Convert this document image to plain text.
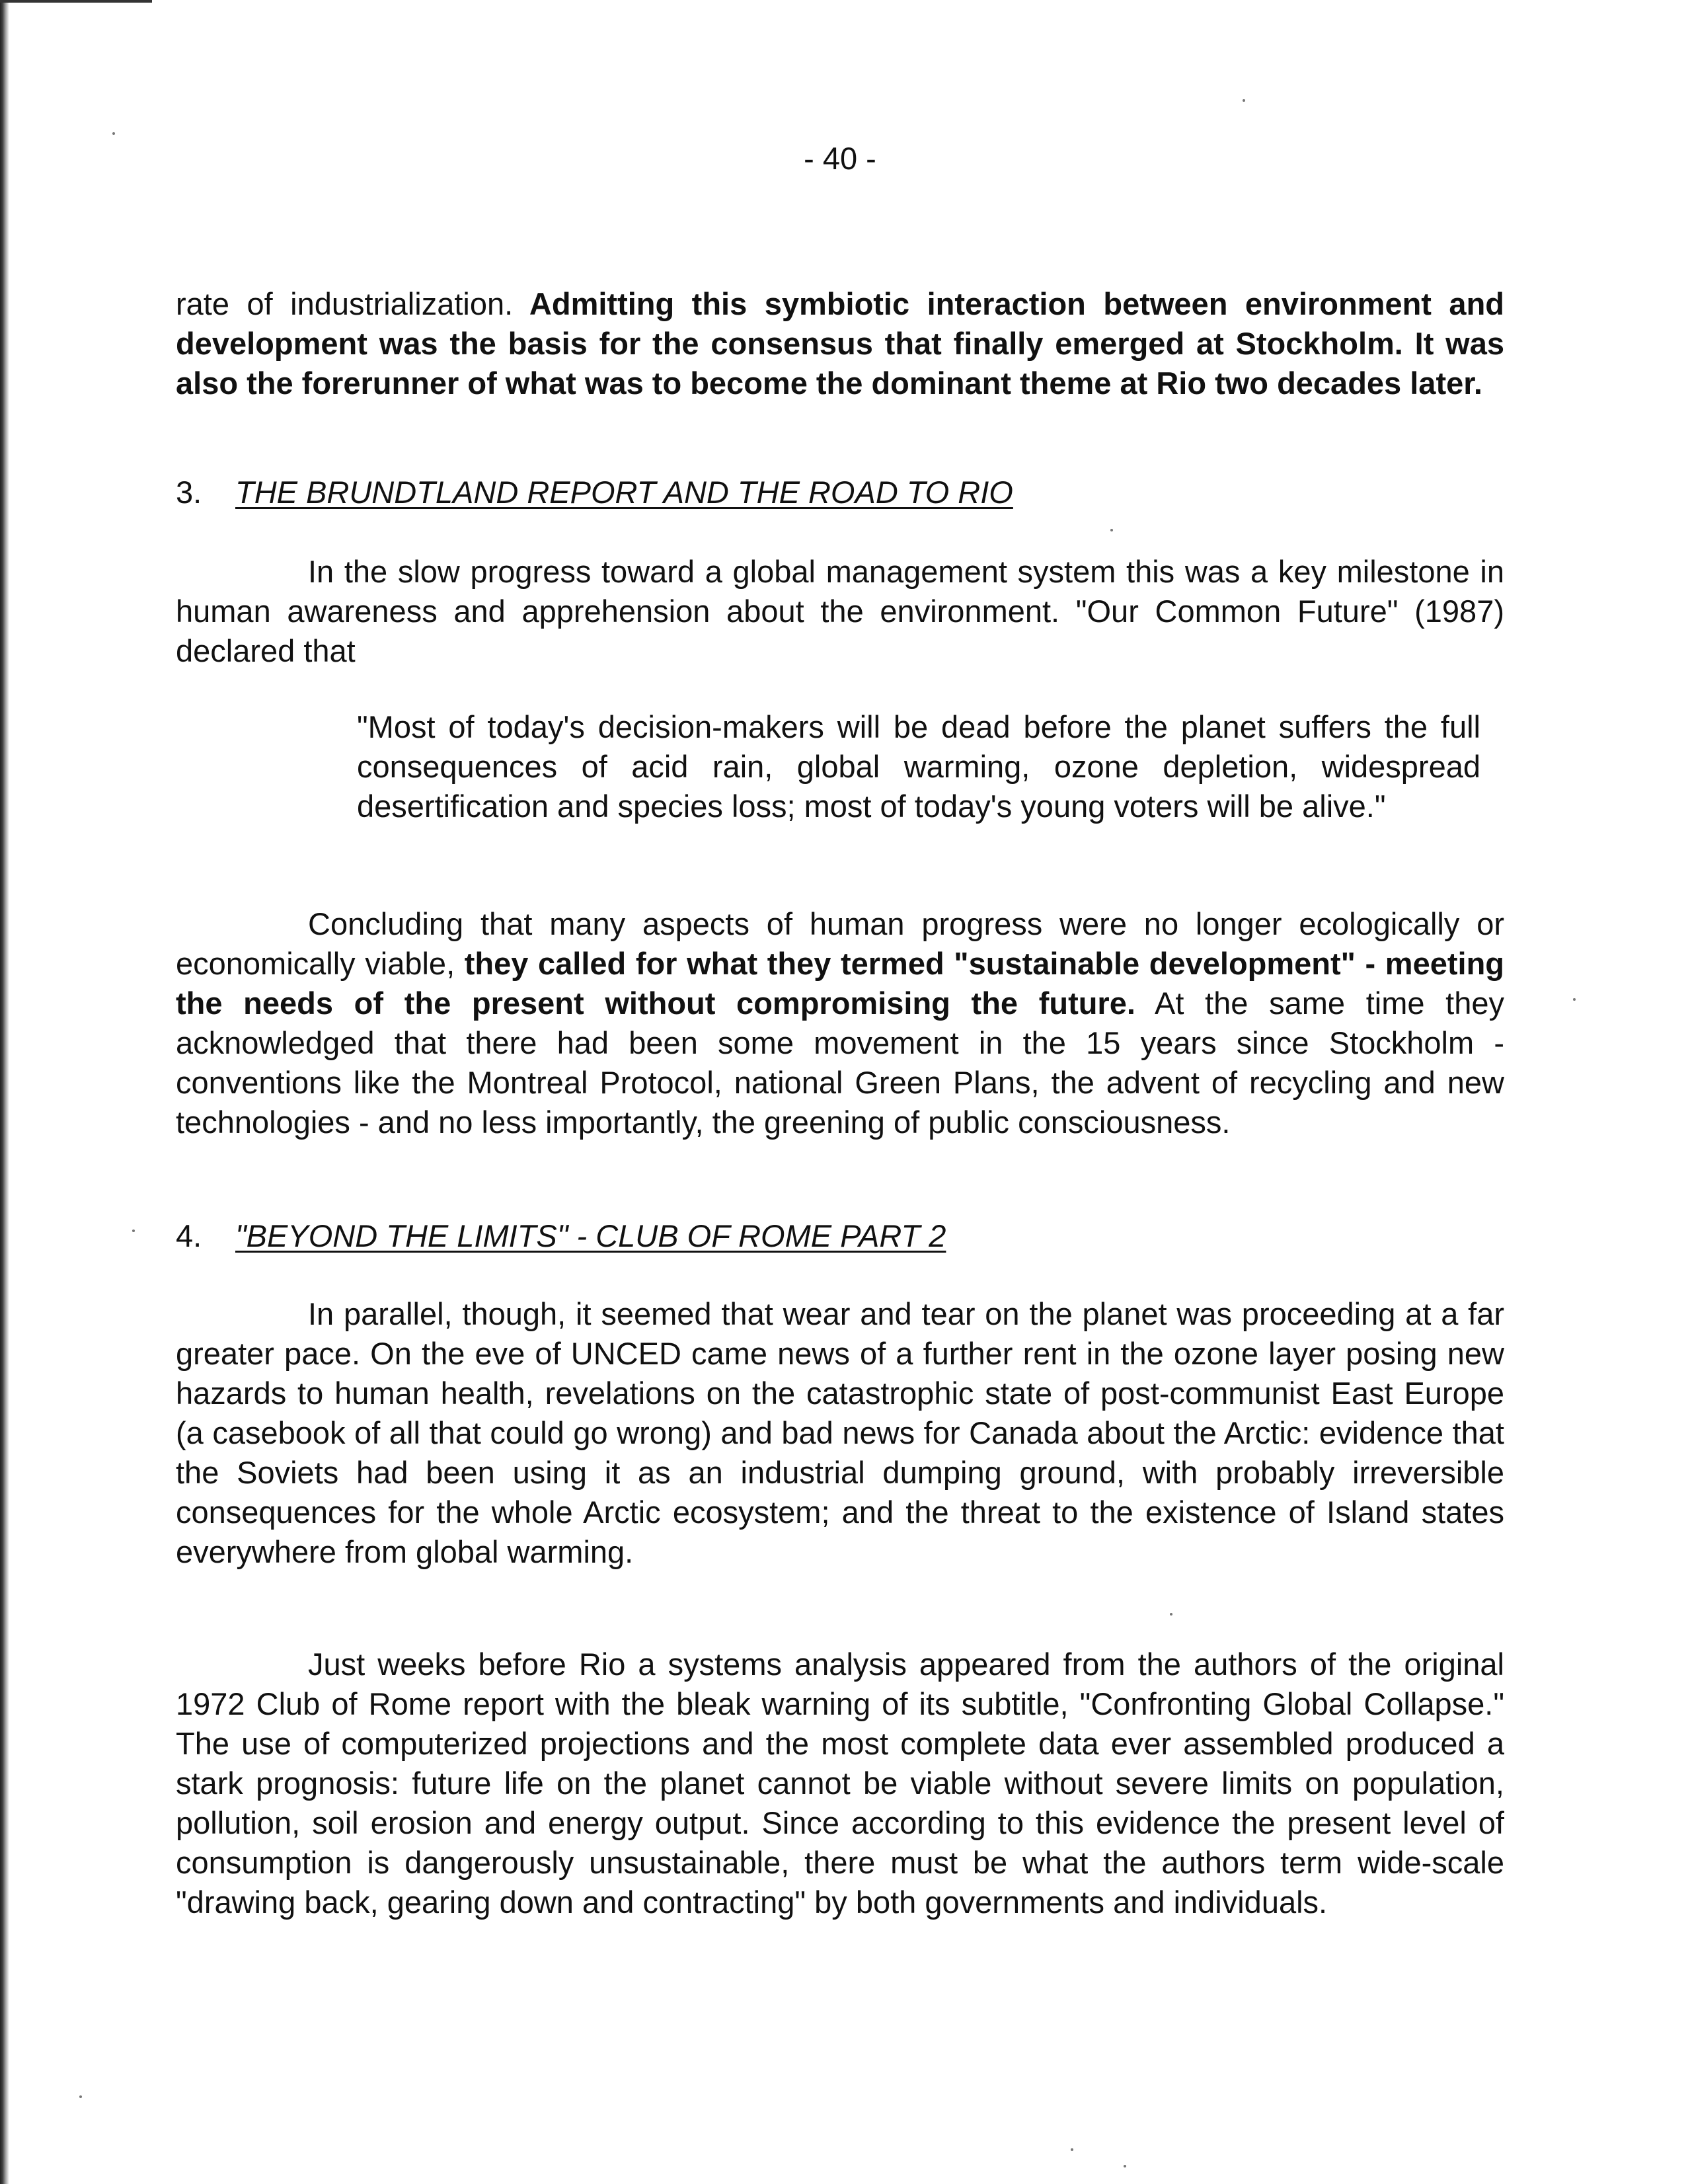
- 40 -

rate of industrialization. Admitting this symbiotic interaction between environment and development was the basis for the consensus that finally emerged at Stockholm. It was also the forerunner of what was to become the dominant theme at Rio two decades later.

3. THE BRUNDTLAND REPORT AND THE ROAD TO RIO

In the slow progress toward a global management system this was a key milestone in human awareness and apprehension about the environment. "Our Common Future" (1987) declared that

"Most of today's decision-makers will be dead before the planet suffers the full consequences of acid rain, global warming, ozone depletion, widespread desertification and species loss; most of today's young voters will be alive."

Concluding that many aspects of human progress were no longer ecologically or economically viable, they called for what they termed "sustainable development" - meeting the needs of the present without compromising the future. At the same time they acknowledged that there had been some movement in the 15 years since Stockholm - conventions like the Montreal Protocol, national Green Plans, the advent of recycling and new technologies - and no less importantly, the greening of public consciousness.

4. "BEYOND THE LIMITS" - CLUB OF ROME PART 2

In parallel, though, it seemed that wear and tear on the planet was proceeding at a far greater pace. On the eve of UNCED came news of a further rent in the ozone layer posing new hazards to human health, revelations on the catastrophic state of post-communist East Europe (a casebook of all that could go wrong) and bad news for Canada about the Arctic: evidence that the Soviets had been using it as an industrial dumping ground, with probably irreversible consequences for the whole Arctic ecosystem; and the threat to the existence of Island states everywhere from global warming.

Just weeks before Rio a systems analysis appeared from the authors of the original 1972 Club of Rome report with the bleak warning of its subtitle, "Confronting Global Collapse." The use of computerized projections and the most complete data ever assembled produced a stark prognosis: future life on the planet cannot be viable without severe limits on population, pollution, soil erosion and energy output. Since according to this evidence the present level of consumption is dangerously unsustainable, there must be what the authors term wide-scale "drawing back, gearing down and contracting" by both governments and individuals.
